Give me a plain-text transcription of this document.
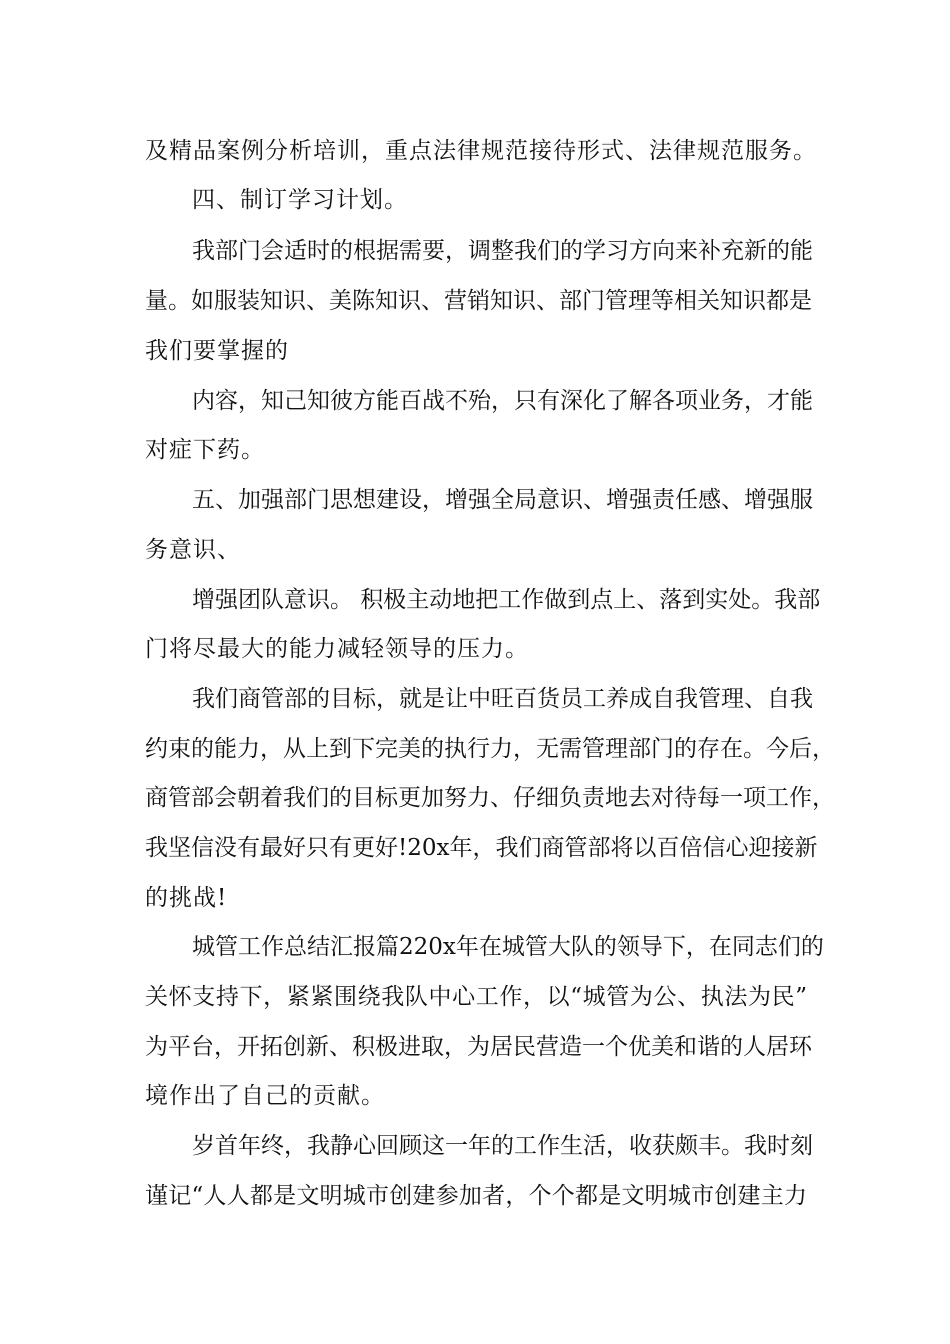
及精品案例分析培训，重点法律规范接待形式、法律规范服务。
四、制订学习计划。
我部门会适时的根据需要，调整我们的学习方向来补充新的能
量。如服装知识、美陈知识、营销知识、部门管理等相关知识都是
我们要掌握的
内容，知己知彼方能百战不殆，只有深化了解各项业务，才能
对症下药。
五、加强部门思想建设，增强全局意识、增强责任感、增强服
务意识、
增强团队意识。 积极主动地把工作做到点上、落到实处。我部
门将尽最大的能力减轻领导的压力。
我们商管部的目标，就是让中旺百货员工养成自我管理、自我
约束的能力，从上到下完美的执行力，无需管理部门的存在。今后，
商管部会朝着我们的目标更加努力、仔细负责地去对待每一项工作，
我坚信没有最好只有更好!20x年，我们商管部将以百倍信心迎接新
的挑战!
城管工作总结汇报篇220x年在城管大队的领导下，在同志们的
关怀支持下，紧紧围绕我队中心工作，以“城管为公、执法为民”
为平台，开拓创新、积极进取，为居民营造一个优美和谐的人居环
境作出了自己的贡献。
岁首年终，我静心回顾这一年的工作生活，收获颇丰。我时刻
谨记“人人都是文明城市创建参加者，个个都是文明城市创建主力
